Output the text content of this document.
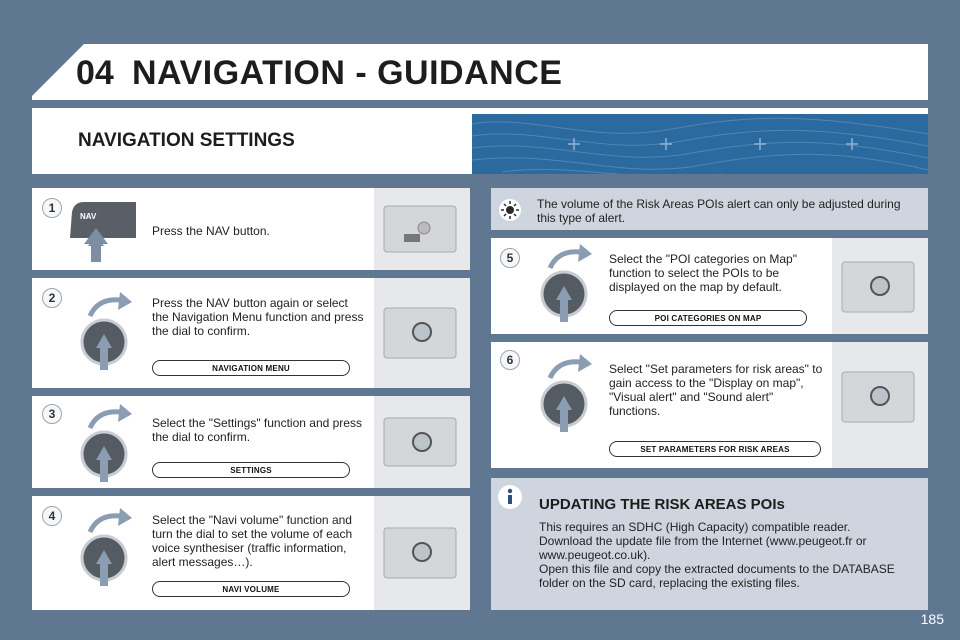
04 NAVIGATION - GUIDANCE
NAVIGATION SETTINGS
1
2
3
4
NAV
Press the NAV button.
Press the NAV button again or select the Navigation Menu function and press the dial to confirm.
NAVIGATION MENU
Select the "Settings" function and press the dial to confirm.
SETTINGS
Select the "Navi volume" function and turn the dial to set the volume of each voice synthesiser (traffic information, alert messages…).
NAVI VOLUME
The volume of the Risk Areas POIs alert can only be adjusted during this type of alert.
5
6
Select the "POI categories on Map" function to select the POIs to be displayed on the map by default.
POI CATEGORIES ON MAP
Select "Set parameters for risk areas" to gain access to the "Display on map", "Visual alert" and "Sound alert" functions.
SET PARAMETERS FOR RISK AREAS
UPDATING THE RISK AREAS POIs
This requires an SDHC (High Capacity) compatible reader.
Download the update file from the Internet (www.peugeot.fr or www.peugeot.co.uk).
Open this file and copy the extracted documents to the DATABASE folder on the SD card, replacing the existing files.
185
